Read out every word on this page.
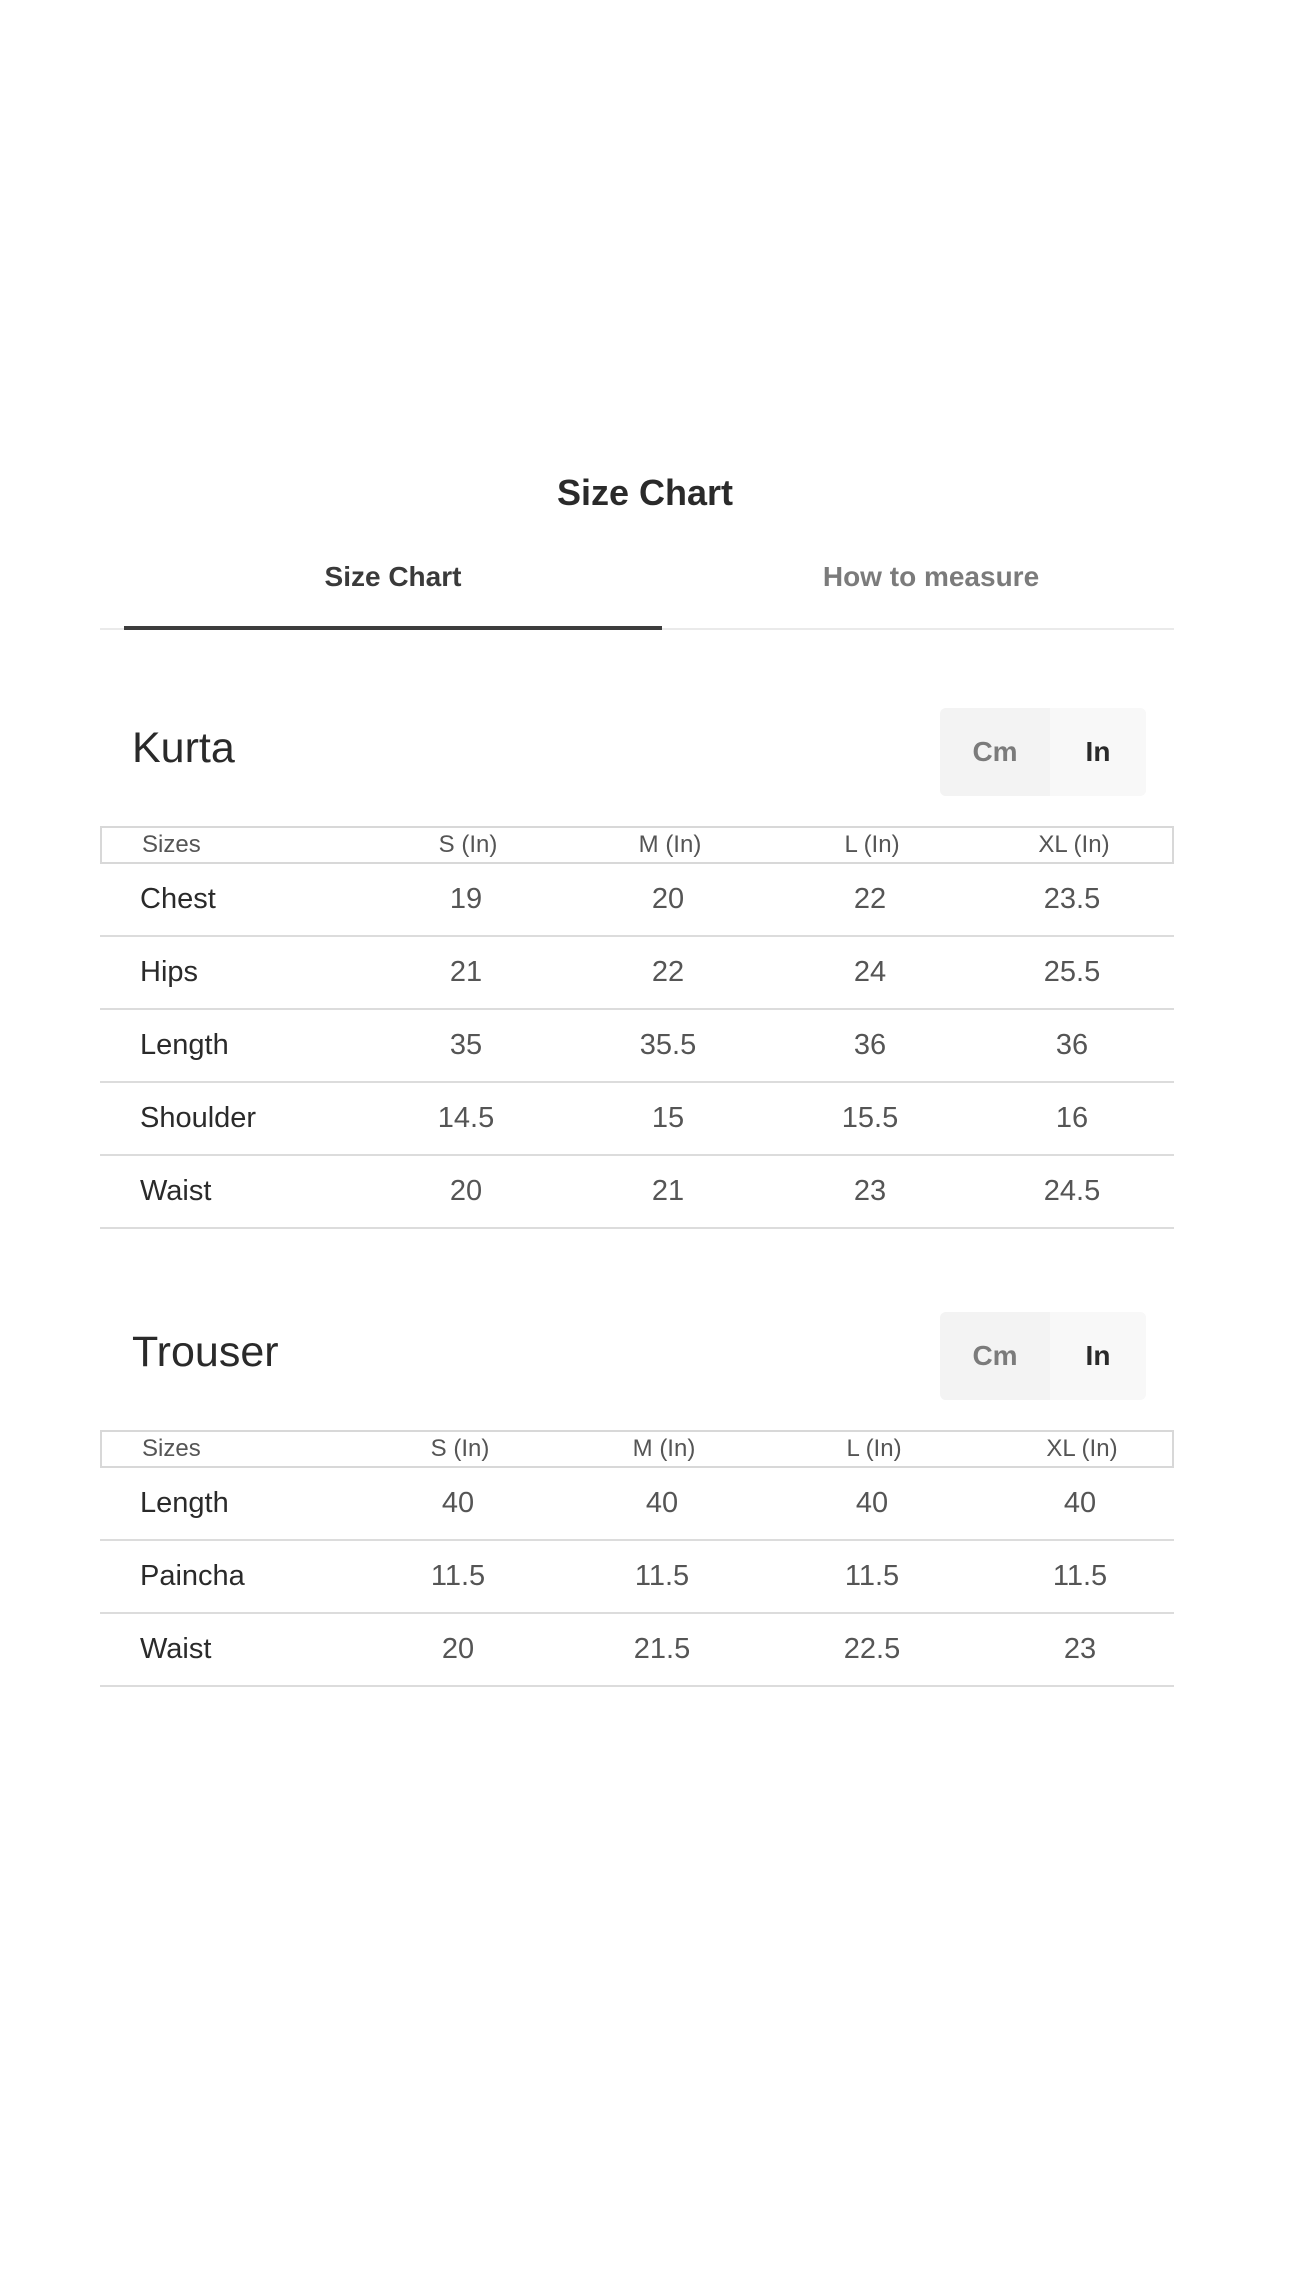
Size Chart
Size Chart	How to measure
Kurta	Cm	In
Sizes	S (In)	M (In)	L (In)	XL (In)
Chest	19	20	22	23.5
Hips	21	22	24	25.5
Length	35	35.5	36	36
Shoulder	14.5	15	15.5	16
Waist	20	21	23	24.5
Trouser	Cm	In
Sizes	S (In)	M (In)	L (In)	XL (In)
Length	40	40	40	40
Paincha	11.5	11.5	11.5	11.5
Waist	20	21.5	22.5	23
